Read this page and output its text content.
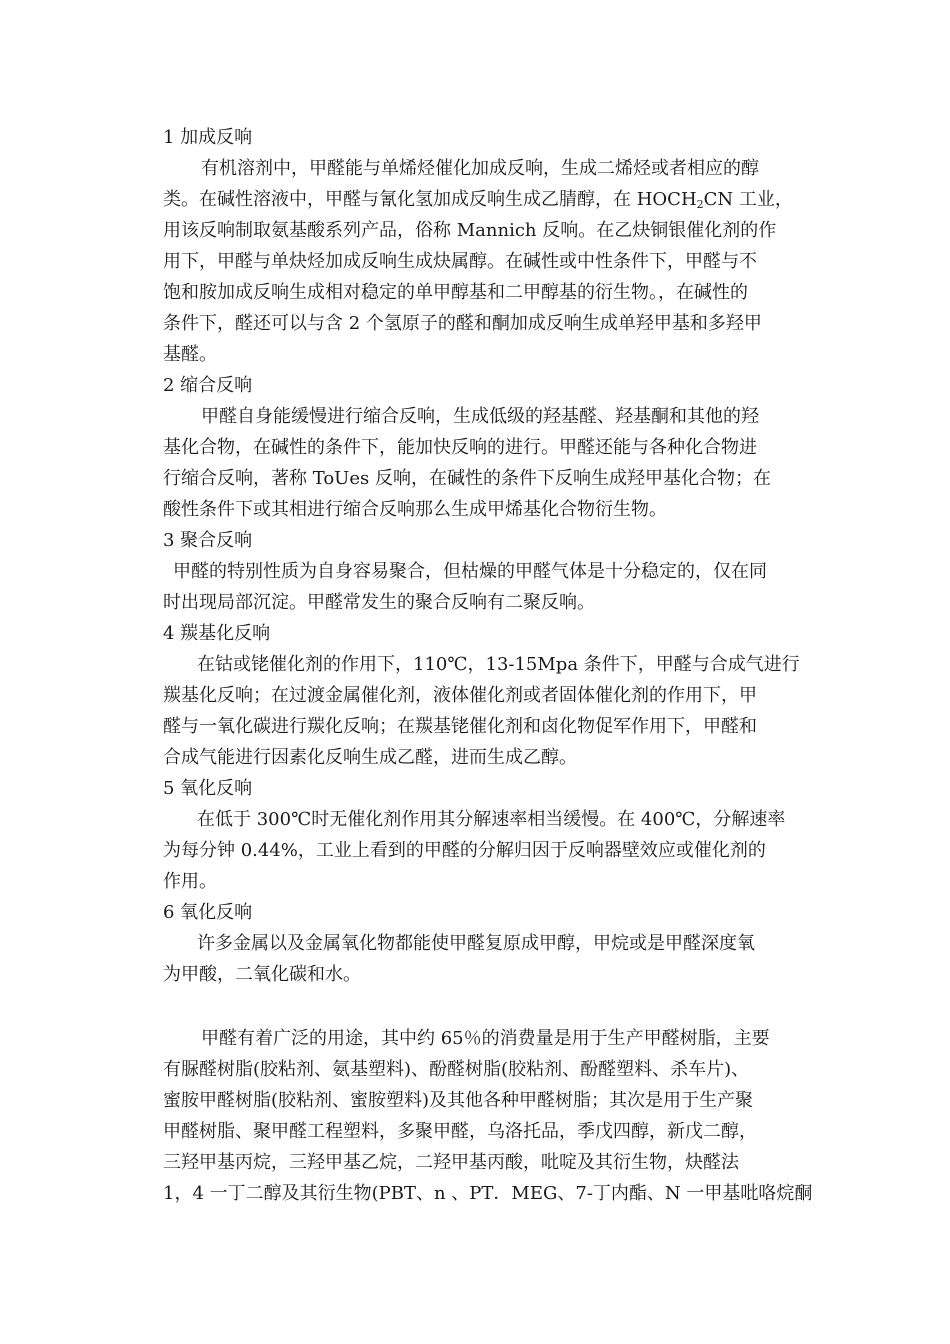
1 加成反响
有机溶剂中，甲醛能与单烯烃催化加成反响，生成二烯烃或者相应的醇
类。在碱性溶液中，甲醛与氰化氢加成反响生成乙腈醇，在 $HOCH_2CN$ 工业，
用该反响制取氨基酸系列产品，俗称 Mannich 反响。在乙炔铜银催化剂的作
用下，甲醛与单炔烃加成反响生成炔属醇。在碱性或中性条件下，甲醛与不
饱和胺加成反响生成相对稳定的单甲醇基和二甲醇基的衍生物。，在碱性的
条件下，醛还可以与含 2 个氢原子的醛和酮加成反响生成单羟甲基和多羟甲
基醛。
2 缩合反响
甲醛自身能缓慢进行缩合反响，生成低级的羟基醛、羟基酮和其他的羟
基化合物，在碱性的条件下，能加快反响的进行。甲醛还能与各种化合物进
行缩合反响，著称 ToUes 反响，在碱性的条件下反响生成羟甲基化合物；在
酸性条件下或其相进行缩合反响那么生成甲烯基化合物衍生物。
3 聚合反响
甲醛的特别性质为自身容易聚合，但枯燥的甲醛气体是十分稳定的，仅在同
时出现局部沉淀。甲醛常发生的聚合反响有二聚反响。
4 羰基化反响
在钴或铑催化剂的作用下，110℃，13-15Mpa 条件下，甲醛与合成气进行
羰基化反响；在过渡金属催化剂，液体催化剂或者固体催化剂的作用下，甲
醛与一氧化碳进行羰化反响；在羰基铑催化剂和卤化物促军作用下，甲醛和
合成气能进行因素化反响生成乙醛，进而生成乙醇。
5 氧化反响
在低于 300℃时无催化剂作用其分解速率相当缓慢。在 400℃，分解速率
为每分钟 0.44%，工业上看到的甲醛的分解归因于反响器壁效应或催化剂的
作用。
6 氧化反响
许多金属以及金属氧化物都能使甲醛复原成甲醇，甲烷或是甲醛深度氧
为甲酸，二氧化碳和水。
甲醛有着广泛的用途，其中约 65％的消费量是用于生产甲醛树脂，主要
有脲醛树脂(胶粘剂、氨基塑料)、酚醛树脂(胶粘剂、酚醛塑料、杀车片)、
蜜胺甲醛树脂(胶粘剂、蜜胺塑料)及其他各种甲醛树脂；其次是用于生产聚
甲醛树脂、聚甲醛工程塑料，多聚甲醛，乌洛托品，季戊四醇，新戊二醇，
三羟甲基丙烷，三羟甲基乙烷，二羟甲基丙酸，吡啶及其衍生物，炔醛法
1，4 一丁二醇及其衍生物(PBT、n 、PT．MEG、7-丁内酯、N 一甲基吡咯烷酮
